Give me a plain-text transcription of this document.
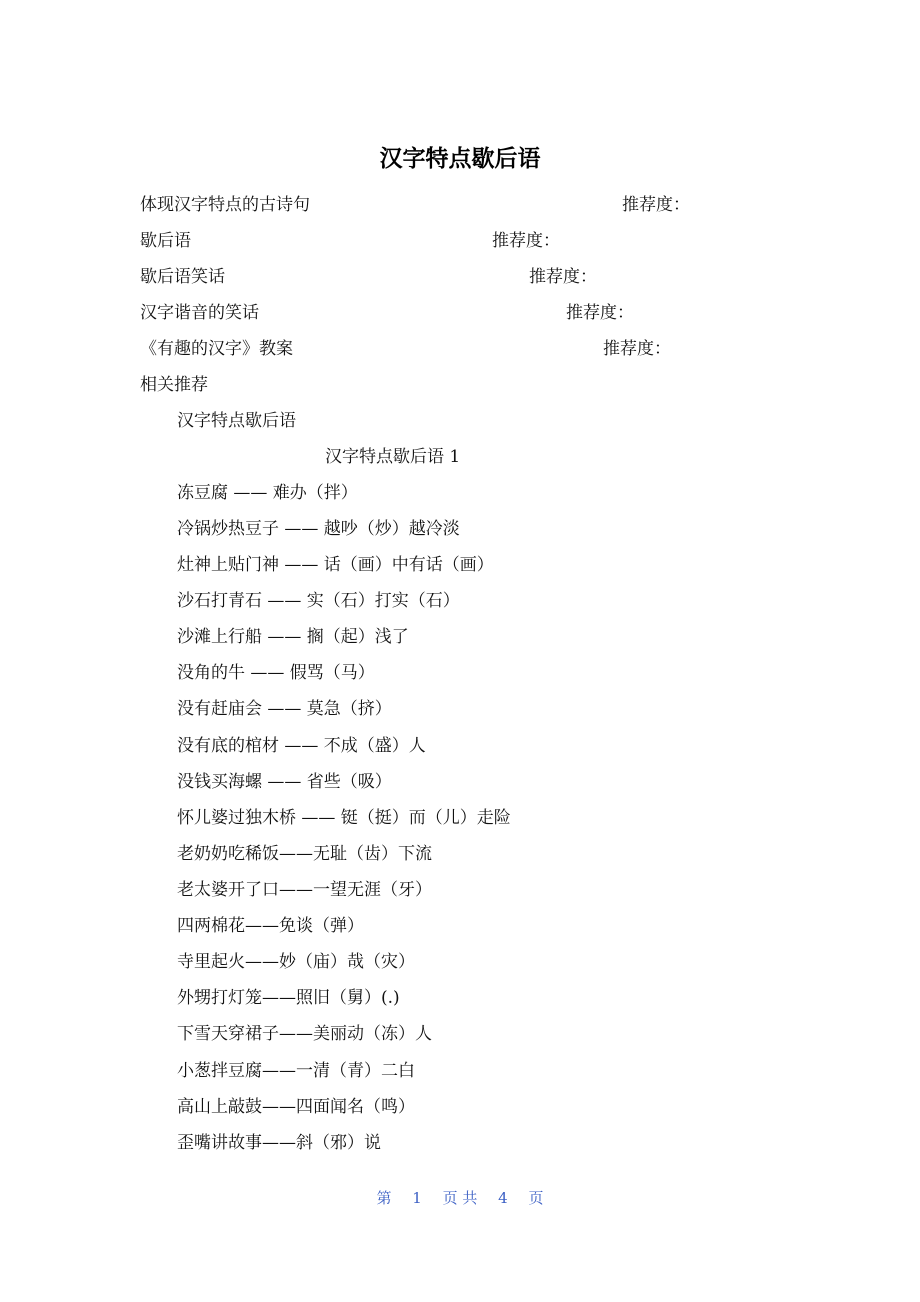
汉字特点歇后语
体现汉字特点的古诗句	推荐度：
歇后语	推荐度：
歇后语笑话	推荐度：
汉字谐音的笑话	推荐度：
《有趣的汉字》教案	推荐度：
相关推荐
汉字特点歇后语
汉字特点歇后语 1
冻豆腐 —— 难办（拌）
冷锅炒热豆子 —— 越吵（炒）越冷淡
灶神上贴门神 —— 话（画）中有话（画）
沙石打青石 —— 实（石）打实（石）
沙滩上行船 —— 搁（起）浅了
没角的牛 —— 假骂（马）
没有赶庙会 —— 莫急（挤）
没有底的棺材 —— 不成（盛）人
没钱买海螺 —— 省些（吸）
怀儿婆过独木桥 —— 铤（挺）而（儿）走险
老奶奶吃稀饭——无耻（齿）下流
老太婆开了口——一望无涯（牙）
四两棉花——免谈（弹）
寺里起火——妙（庙）哉（灾）
外甥打灯笼——照旧（舅）(.)
下雪天穿裙子——美丽动（冻）人
小葱拌豆腐——一清（青）二白
高山上敲鼓——四面闻名（鸣）
歪嘴讲故事——斜（邪）说
第 1 页 共 4 页
